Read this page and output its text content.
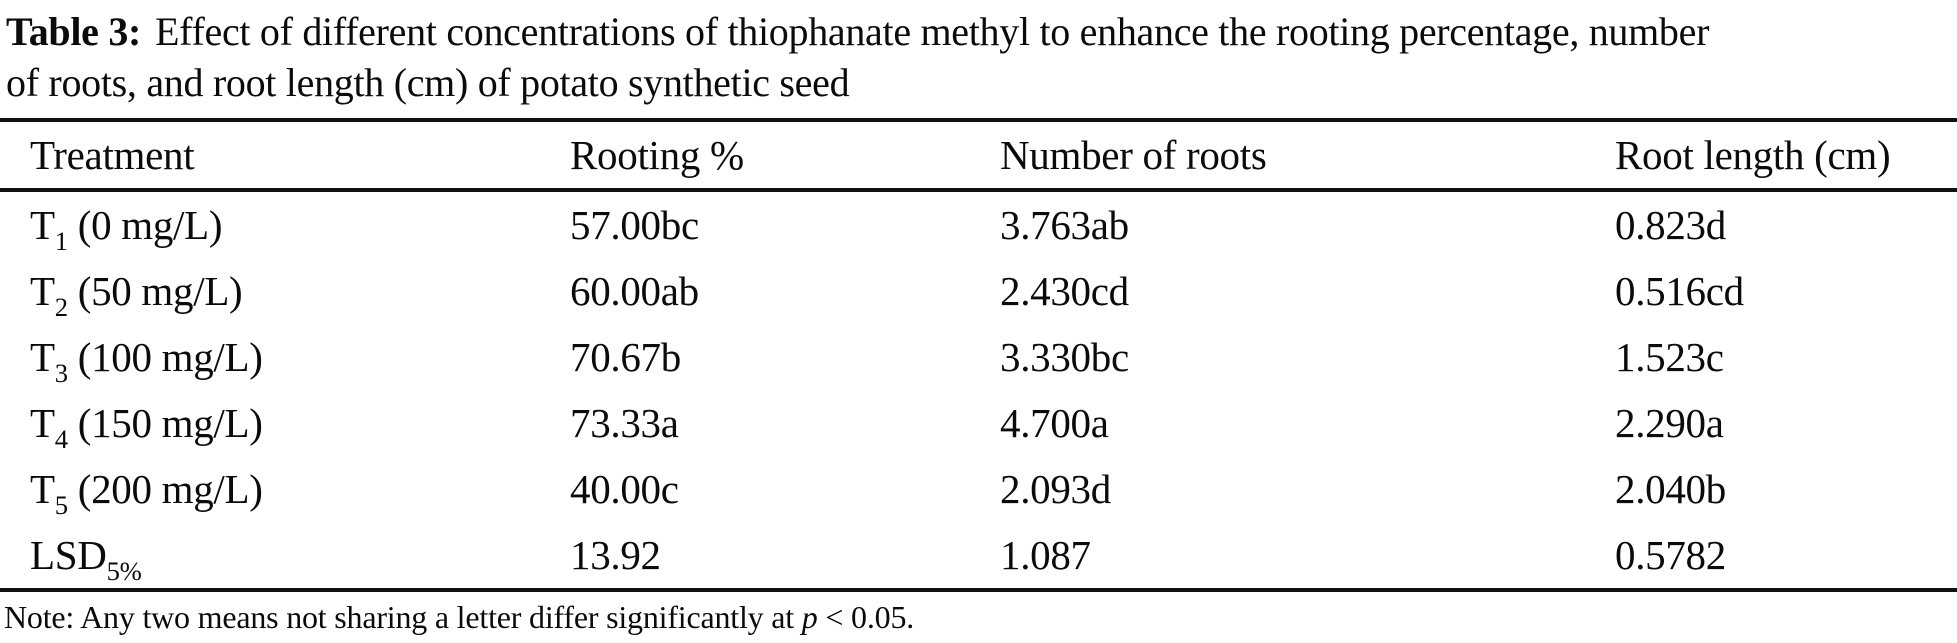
Table 3: Effect of different concentrations of thiophanate methyl to enhance the rooting percentage, number
of roots, and root length (cm) of potato synthetic seed
Treatment	Rooting %	Number of roots	Root length (cm)
$T_1$ (0 mg/L)	57.00bc	3.763ab	0.823d
$T_2$ (50 mg/L)	60.00ab	2.430cd	0.516cd
$T_3$ (100 mg/L)	70.67b	3.330bc	1.523c
$T_4$ (150 mg/L)	73.33a	4.700a	2.290a
$T_5$ (200 mg/L)	40.00c	2.093d	2.040b
$LSD_{5\%}$	13.92	1.087	0.5782
Note: Any two means not sharing a letter differ significantly at p < 0.05.
